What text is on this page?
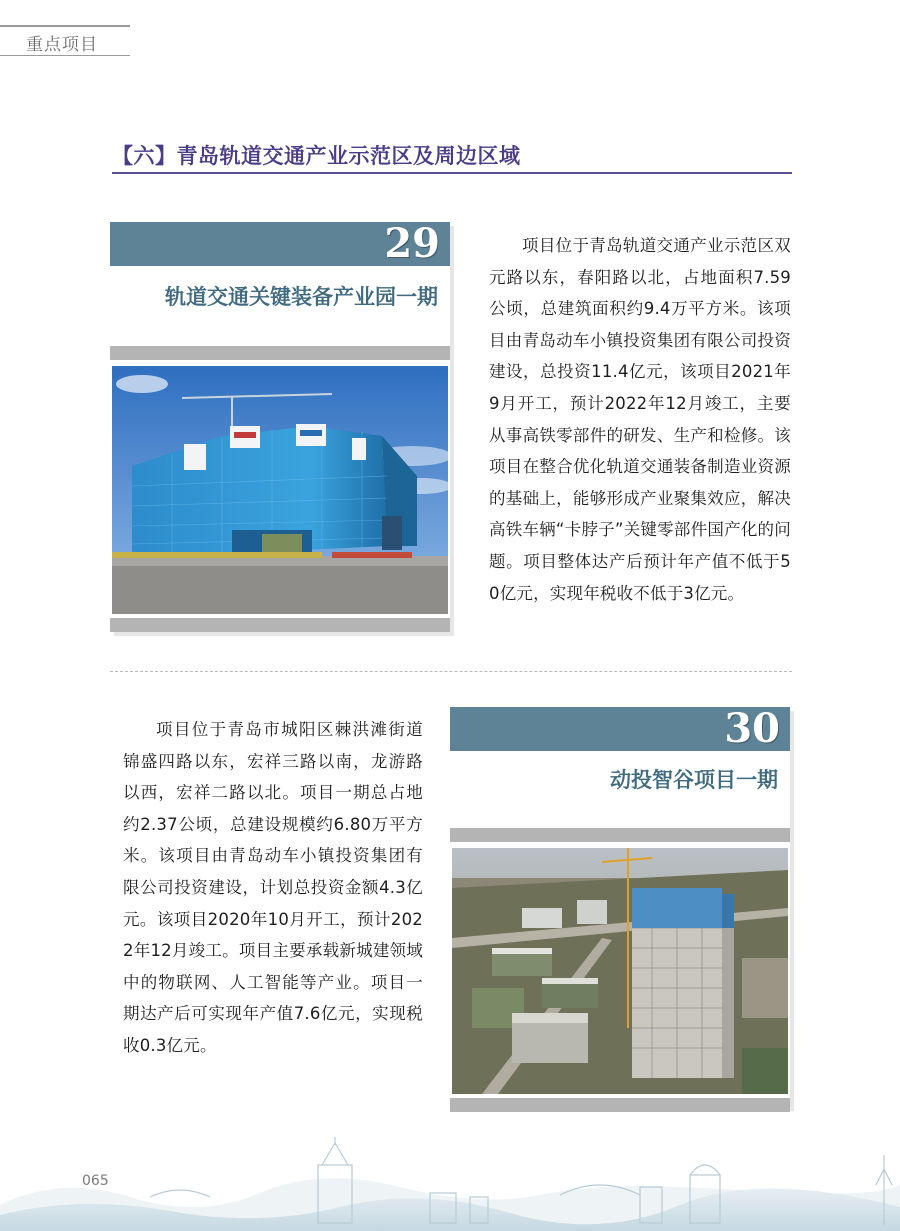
重点项目
【六】青岛轨道交通产业示范区及周边区域
29
轨道交通关键装备产业园一期
项目位于青岛轨道交通产业示范区双元路以东，春阳路以北，占地面积7.59公顷，总建筑面积约9.4万平方米。该项目由青岛动车小镇投资集团有限公司投资建设，总投资11.4亿元，该项目2021年9月开工，预计2022年12月竣工，主要从事高铁零部件的研发、生产和检修。该项目在整合优化轨道交通装备制造业资源的基础上，能够形成产业聚集效应，解决高铁车辆“卡脖子”关键零部件国产化的问题。项目整体达产后预计年产值不低于50亿元，实现年税收不低于3亿元。
项目位于青岛市城阳区棘洪滩街道锦盛四路以东，宏祥三路以南，龙游路以西，宏祥二路以北。项目一期总占地约2.37公顷，总建设规模约6.80万平方米。该项目由青岛动车小镇投资集团有限公司投资建设，计划总投资金额4.3亿元。该项目2020年10月开工，预计2022年12月竣工。项目主要承载新城建领域中的物联网、人工智能等产业。项目一期达产后可实现年产值7.6亿元，实现税收0.3亿元。
30
动投智谷项目一期
065
